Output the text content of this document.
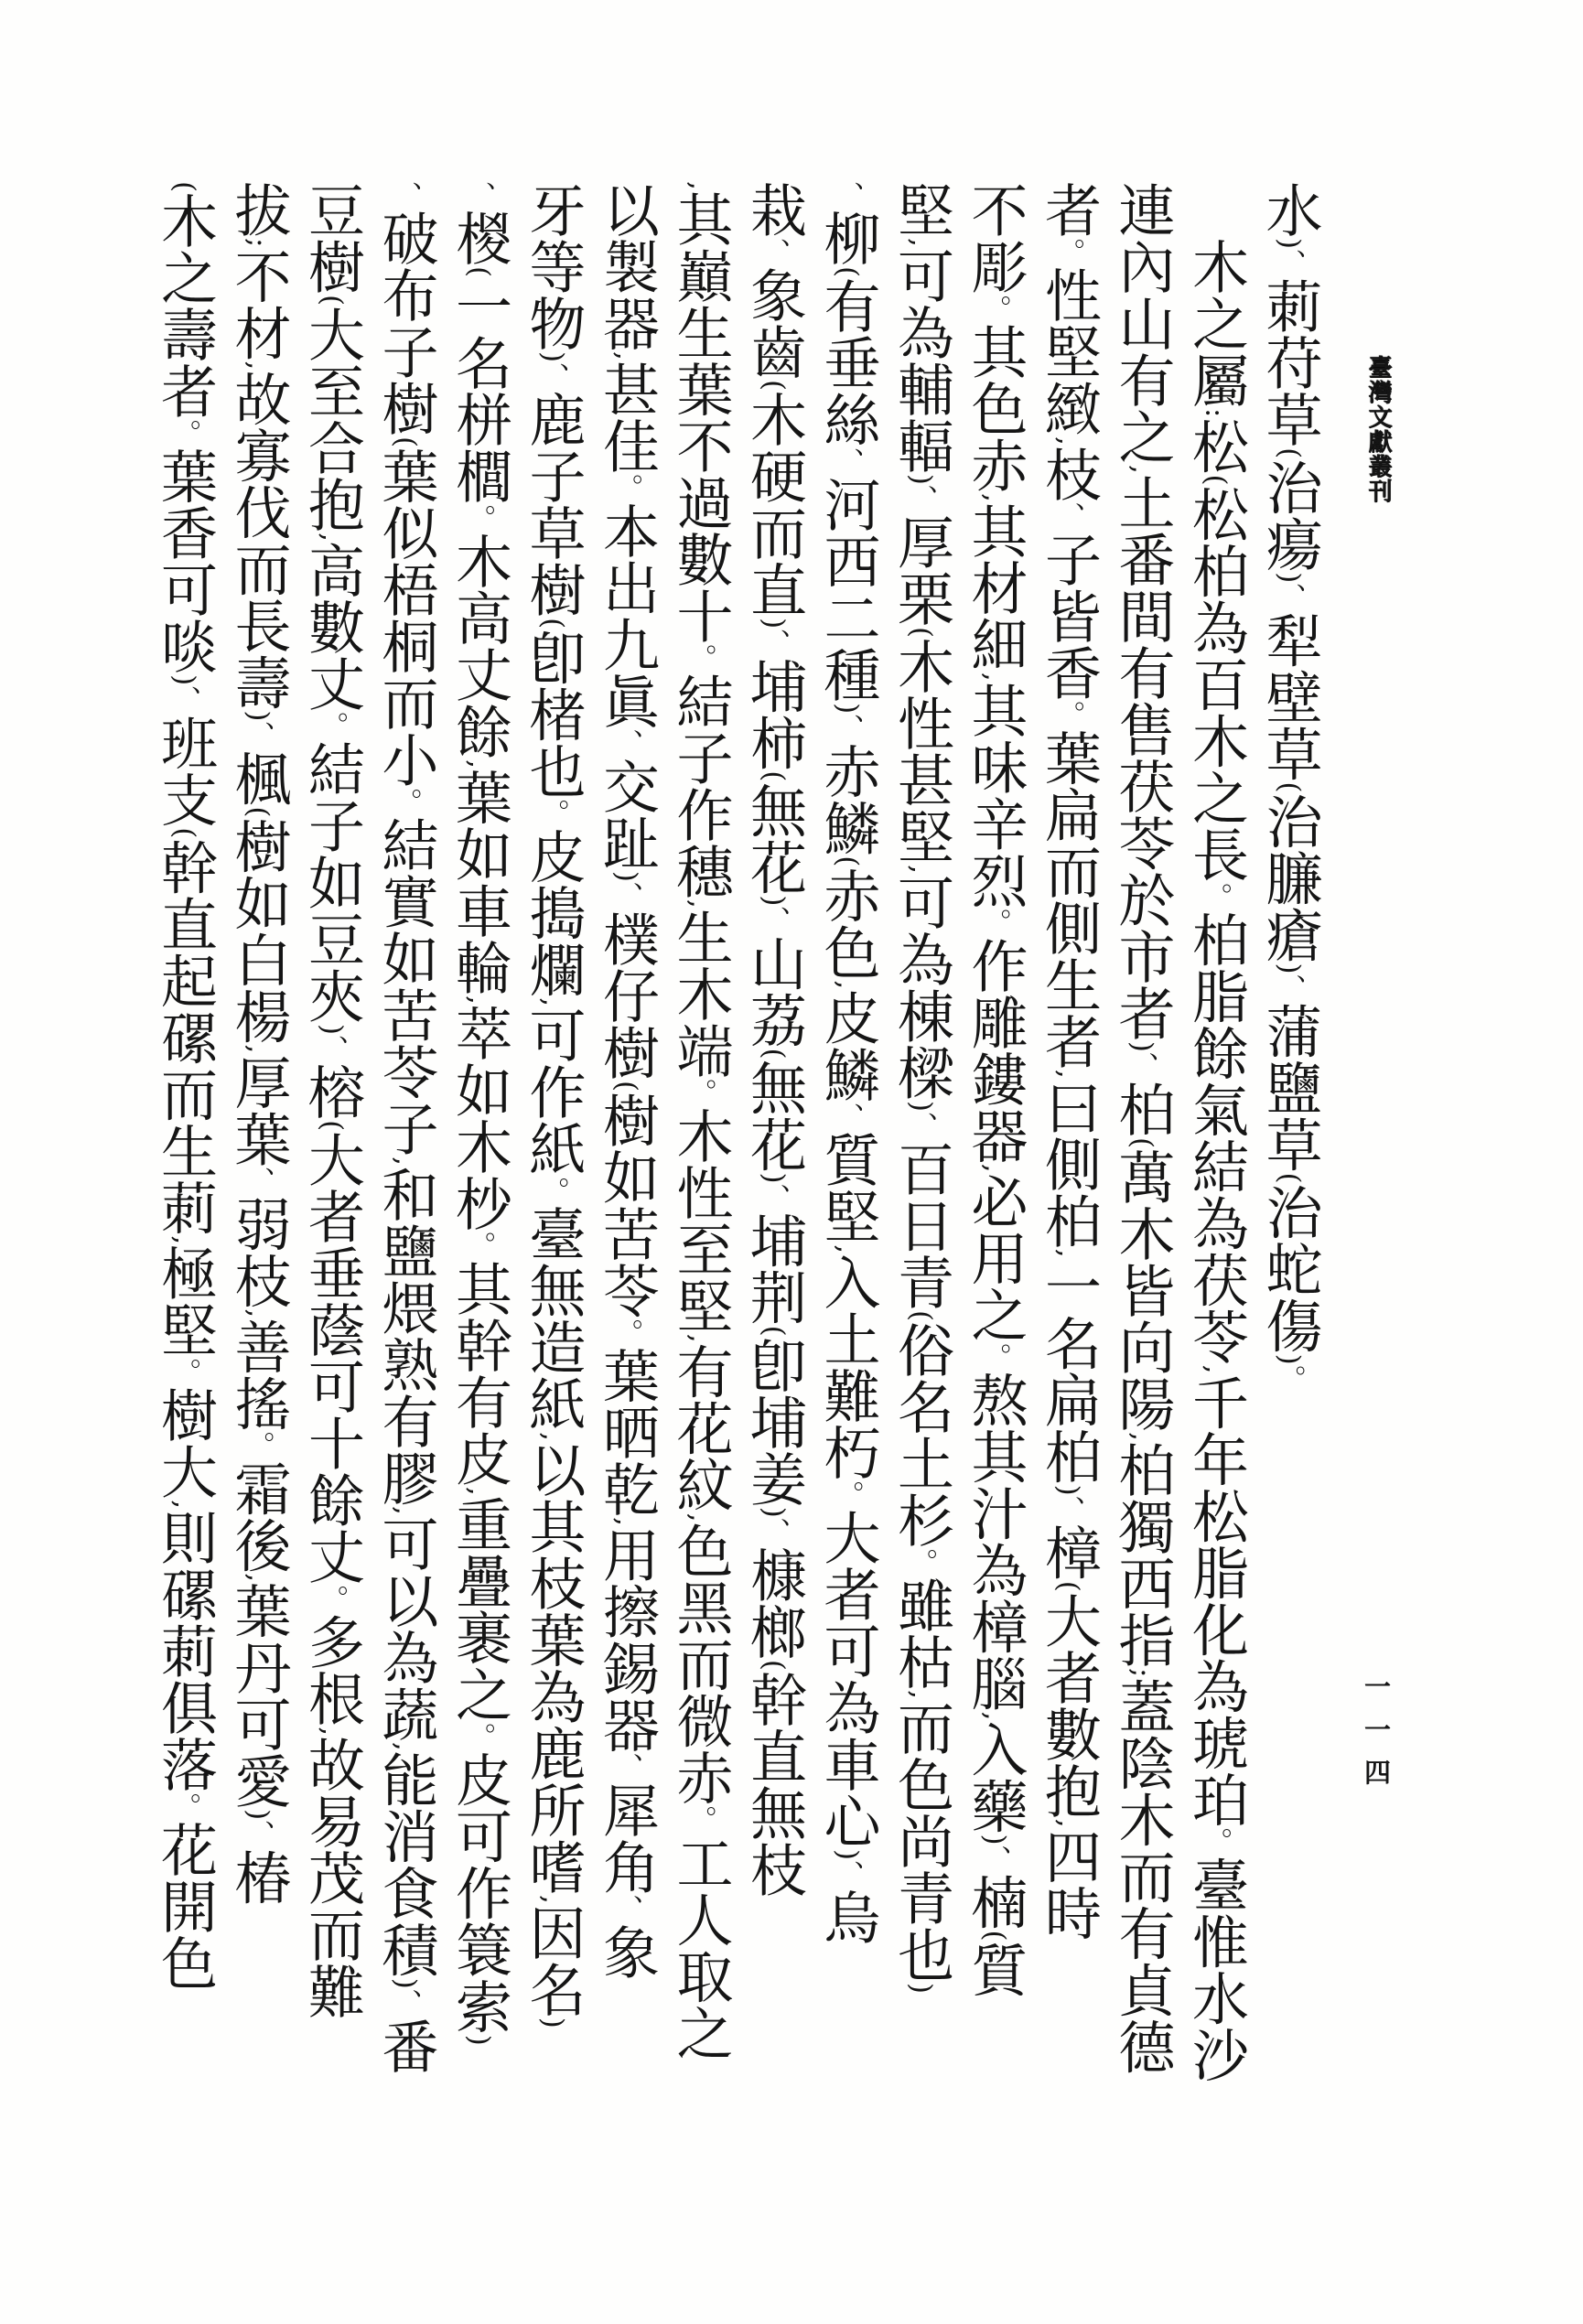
臺灣文獻叢刊
一一四
水)、莿苻草(治瘍)、犁壁草(治臁瘡)、蒲鹽草(治蛇傷)。
木之屬:松(松柏為百木之長。柏脂餘氣結為茯苓,千年松脂化為琥珀。臺惟水沙
連內山有之,土番間有售茯苓於市者)、柏(萬木皆向陽,柏獨西指;蓋陰木而有貞德
者。性堅緻,枝、子皆香。葉扁而側生者,曰側柏,一名扁柏)、樟(大者數抱,四時
不彫。其色赤,其材細,其味辛烈。作雕鏤器,必用之。熬其汁為樟腦,入藥)、楠(質
堅,可為輔輻)、厚栗(木性甚堅,可為棟樑)、百日青(俗名土杉。雖枯,而色尚青也)
、柳(有垂絲、河西二種)、赤鱗(赤色,皮鱗、質堅,入土難朽。大者可為車心)、烏
栽、象齒(木硬而直)、埔柿(無花)、山荔(無花)、埔荆(卽埔姜)、槺榔(幹直無枝
,其巔生葉不過數十。結子作穗,生木端。木性至堅,有花紋,色黑而微赤。工人取之
以製器,甚佳。本出九眞、交趾)、樸仔樹(樹如苦苓。葉晒乾,用擦錫器、犀角、象
牙等物)、鹿子草樹(卽楮也。皮搗爛,可作紙。臺無造紙,以其枝葉為鹿所嗜,因名)
、椶(一名栟櫚。木高丈餘,葉如車輪,萃如木杪。其幹有皮,重疊裹之。皮可作簑索)
、破布子樹(葉似梧桐而小。結實如苦苓子,和鹽煨熟有膠,可以為蔬,能消食積)、番
豆樹(大至合抱,高數丈。結子如豆夾)、榕(大者垂蔭可十餘丈。多根,故易茂而難
拔;不材,故寡伐而長壽)、楓(樹如白楊,厚葉、弱枝,善搖。霜後,葉丹可愛)、椿
(木之壽者。葉香可啖)、班支(幹直起磥而生莿,極堅。樹大,則磥莿俱落。花開色
